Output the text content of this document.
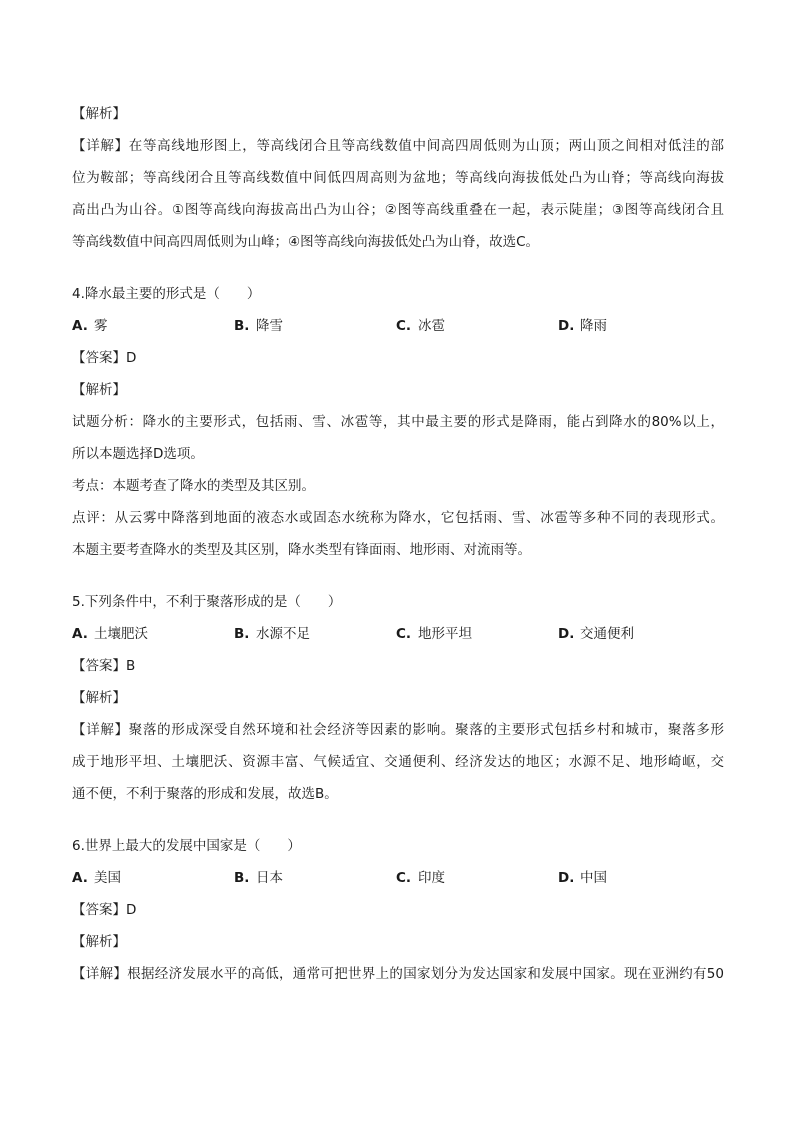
【解析】
【详解】在等高线地形图上，等高线闭合且等高线数值中间高四周低则为山顶；两山顶之间相对低洼的部
位为鞍部；等高线闭合且等高线数值中间低四周高则为盆地；等高线向海拔低处凸为山脊；等高线向海拔
高出凸为山谷。①图等高线向海拔高出凸为山谷；②图等高线重叠在一起，表示陡崖；③图等高线闭合且
等高线数值中间高四周低则为山峰；④图等高线向海拔低处凸为山脊，故选C。
4.降水最主要的形式是（　　）
A. 雾	B. 降雪	C. 冰雹	D. 降雨
【答案】D
【解析】
试题分析：降水的主要形式，包括雨、雪、冰雹等，其中最主要的形式是降雨，能占到降水的80%以上，
所以本题选择D选项。
考点：本题考查了降水的类型及其区别。
点评：从云雾中降落到地面的液态水或固态水统称为降水，它包括雨、雪、冰雹等多种不同的表现形式。
本题主要考查降水的类型及其区别，降水类型有锋面雨、地形雨、对流雨等。
5.下列条件中，不利于聚落形成的是（　　）
A. 土壤肥沃	B. 水源不足	C. 地形平坦	D. 交通便利
【答案】B
【解析】
【详解】聚落的形成深受自然环境和社会经济等因素的影响。聚落的主要形式包括乡村和城市，聚落多形
成于地形平坦、土壤肥沃、资源丰富、气候适宜、交通便利、经济发达的地区；水源不足、地形崎岖，交
通不便，不利于聚落的形成和发展，故选B。
6.世界上最大的发展中国家是（　　）
A. 美国	B. 日本	C. 印度	D. 中国
【答案】D
【解析】
【详解】根据经济发展水平的高低，通常可把世界上的国家划分为发达国家和发展中国家。现在亚洲约有50
